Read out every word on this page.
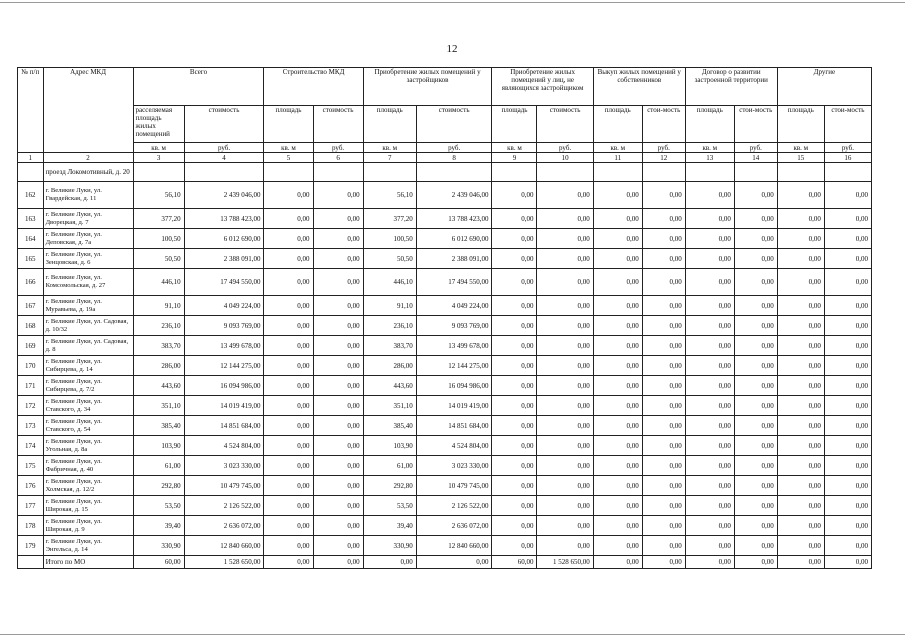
12
№ п/п	Адрес МКД	Всего		Строительство МКД		Приобретение жилых помещений у застройщиков		Приобретение жилых помещений у лиц, не являющихся застройщиком		Выкуп жилых помещений у собственников		Договор о развитии застроенной территории		Другие	
		расселяемая площадь жилых помещений	стоимость	площадь	стоимость	площадь	стоимость	площадь	стоимость	площадь	стои-мость	площадь	стои-мость	площадь	стои-мость
		кв. м	руб.	кв. м	руб.	кв. м	руб.	кв. м	руб.	кв. м	руб.	кв. м	руб.	кв. м	руб.
1	2	3	4	5	6	7	8	9	10	11	12	13	14	15	16
	проезд Локомотивный, д. 20														
162	г. Великие Луки, ул. Гвардейская, д. 11	56,10	2 439 046,00	0,00	0,00	56,10	2 439 046,00	0,00	0,00	0,00	0,00	0,00	0,00	0,00	0,00
163	г. Великие Луки, ул. Дворецкая, д. 7	377,20	13 788 423,00	0,00	0,00	377,20	13 788 423,00	0,00	0,00	0,00	0,00	0,00	0,00	0,00	0,00
164	г. Великие Луки, ул. Деповская, д. 7а	100,50	6 012 690,00	0,00	0,00	100,50	6 012 690,00	0,00	0,00	0,00	0,00	0,00	0,00	0,00	0,00
165	г. Великие Луки, ул. Зенцовская, д. 6	50,50	2 388 091,00	0,00	0,00	50,50	2 388 091,00	0,00	0,00	0,00	0,00	0,00	0,00	0,00	0,00
166	г. Великие Луки, ул. Комсомольская, д. 27	446,10	17 494 550,00	0,00	0,00	446,10	17 494 550,00	0,00	0,00	0,00	0,00	0,00	0,00	0,00	0,00
167	г. Великие Луки, ул. Муравьева, д. 19а	91,10	4 049 224,00	0,00	0,00	91,10	4 049 224,00	0,00	0,00	0,00	0,00	0,00	0,00	0,00	0,00
168	г. Великие Луки, ул. Садовая, д. 10/32	236,10	9 093 769,00	0,00	0,00	236,10	9 093 769,00	0,00	0,00	0,00	0,00	0,00	0,00	0,00	0,00
169	г. Великие Луки, ул. Садовая, д. 8	383,70	13 499 678,00	0,00	0,00	383,70	13 499 678,00	0,00	0,00	0,00	0,00	0,00	0,00	0,00	0,00
170	г. Великие Луки, ул. Сибирцева, д. 14	286,00	12 144 275,00	0,00	0,00	286,00	12 144 275,00	0,00	0,00	0,00	0,00	0,00	0,00	0,00	0,00
171	г. Великие Луки, ул. Сибирцева, д. 7/2	443,60	16 094 986,00	0,00	0,00	443,60	16 094 986,00	0,00	0,00	0,00	0,00	0,00	0,00	0,00	0,00
172	г. Великие Луки, ул. Ставского, д. 34	351,10	14 019 419,00	0,00	0,00	351,10	14 019 419,00	0,00	0,00	0,00	0,00	0,00	0,00	0,00	0,00
173	г. Великие Луки, ул. Ставского, д. 54	385,40	14 851 684,00	0,00	0,00	385,40	14 851 684,00	0,00	0,00	0,00	0,00	0,00	0,00	0,00	0,00
174	г. Великие Луки, ул. Угольная, д. 8а	103,90	4 524 804,00	0,00	0,00	103,90	4 524 804,00	0,00	0,00	0,00	0,00	0,00	0,00	0,00	0,00
175	г. Великие Луки, ул. Фабричная, д. 40	61,00	3 023 330,00	0,00	0,00	61,00	3 023 330,00	0,00	0,00	0,00	0,00	0,00	0,00	0,00	0,00
176	г. Великие Луки, ул. Холмская, д. 12/2	292,80	10 479 745,00	0,00	0,00	292,80	10 479 745,00	0,00	0,00	0,00	0,00	0,00	0,00	0,00	0,00
177	г. Великие Луки, ул. Широкая, д. 15	53,50	2 126 522,00	0,00	0,00	53,50	2 126 522,00	0,00	0,00	0,00	0,00	0,00	0,00	0,00	0,00
178	г. Великие Луки, ул. Широкая, д. 9	39,40	2 636 072,00	0,00	0,00	39,40	2 636 072,00	0,00	0,00	0,00	0,00	0,00	0,00	0,00	0,00
179	г. Великие Луки, ул. Энгельса, д. 14	330,90	12 840 660,00	0,00	0,00	330,90	12 840 660,00	0,00	0,00	0,00	0,00	0,00	0,00	0,00	0,00
	Итого по МО	60,00	1 528 650,00	0,00	0,00	0,00	0,00	60,00	1 528 650,00	0,00	0,00	0,00	0,00	0,00	0,00
